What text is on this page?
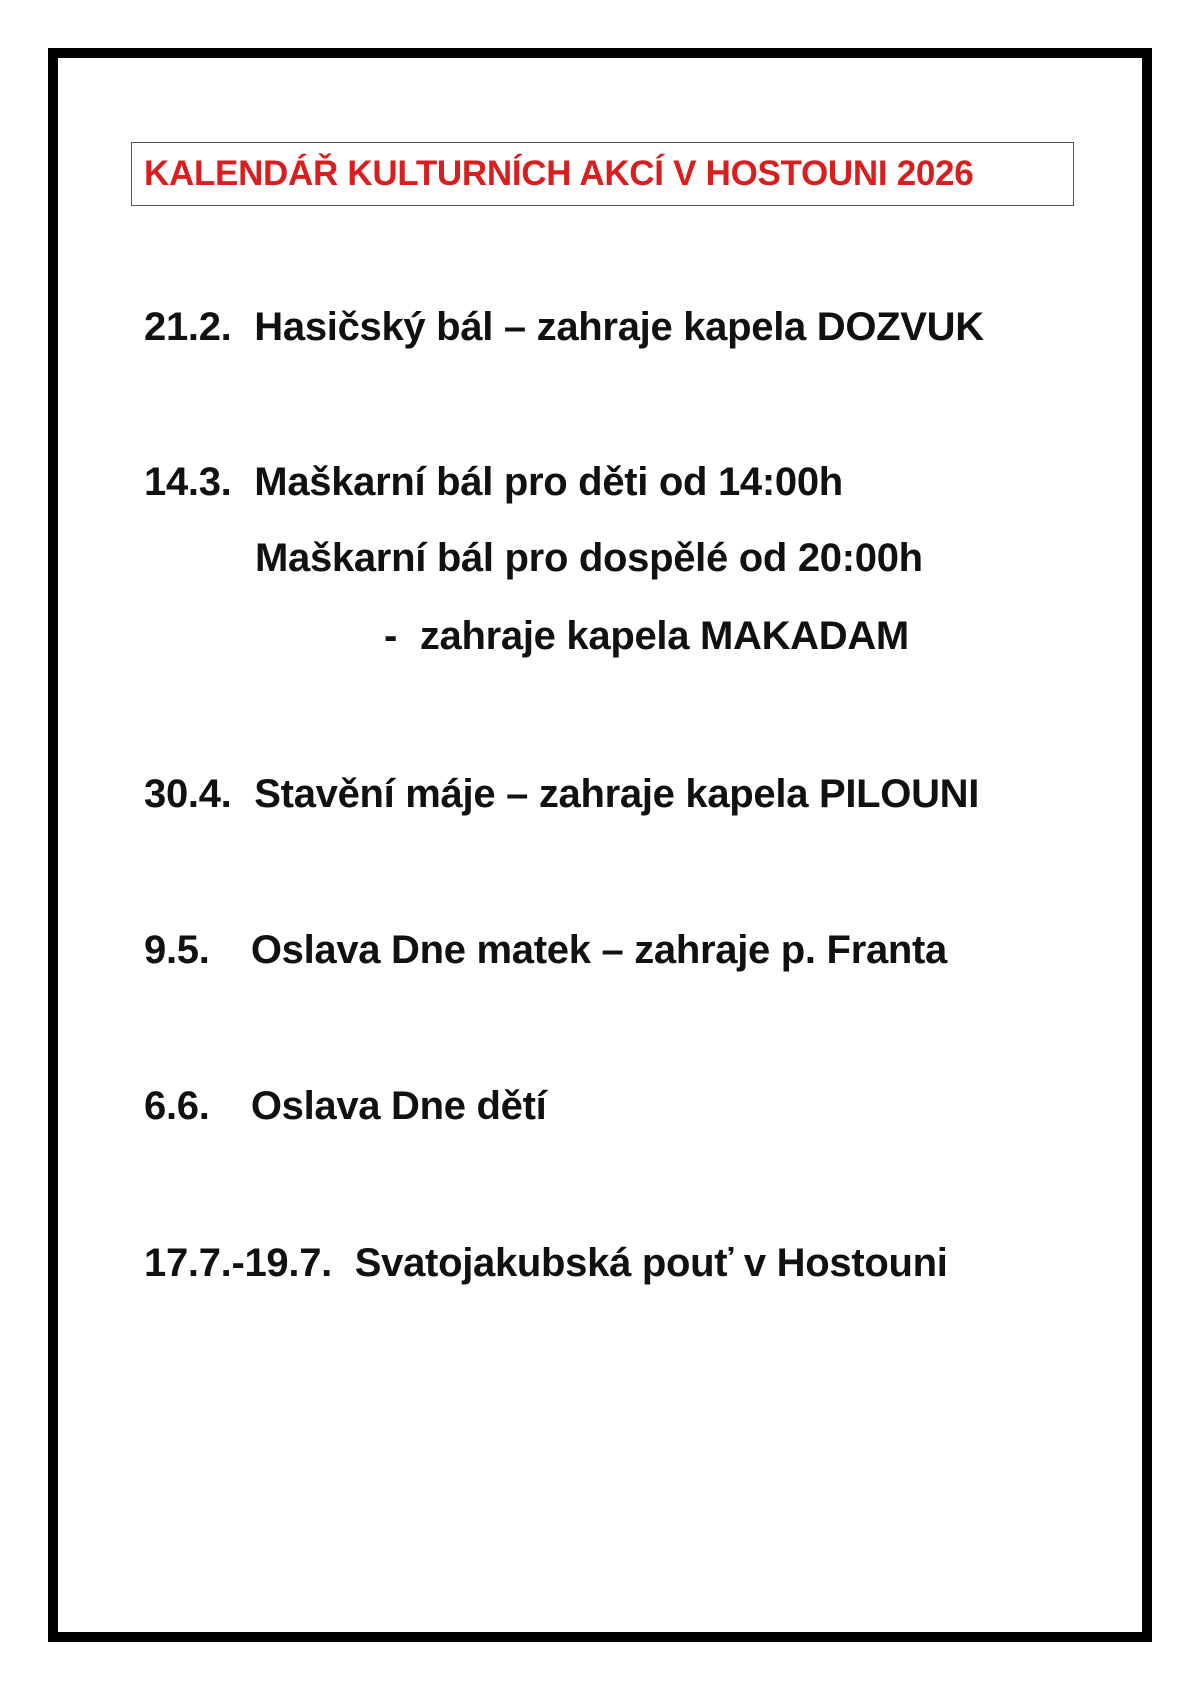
KALENDÁŘ KULTURNÍCH AKCÍ V HOSTOUNI 2026
21.2. Hasičský bál – zahraje kapela DOZVUK
14.3. Maškarní bál pro děti od 14:00h
Maškarní bál pro dospělé od 20:00h
- zahraje kapela MAKADAM
30.4. Stavění máje – zahraje kapela PILOUNI
9.5. Oslava Dne matek – zahraje p. Franta
6.6. Oslava Dne dětí
17.7.-19.7. Svatojakubská pouť v Hostouni
